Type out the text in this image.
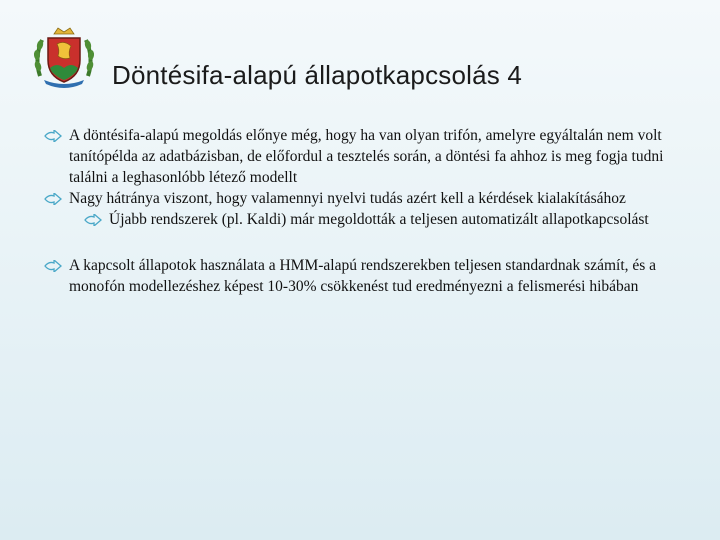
Döntésifa-alapú állapotkapcsolás 4

A döntésifa-alapú megoldás előnye még, hogy ha van olyan trifón, amelyre egyáltalán nem volt tanítópélda az adatbázisban, de előfordul a tesztelés során, a döntési fa ahhoz is meg fogja tudni találni a leghasonlóbb létező modellt

Nagy hátránya viszont, hogy valamennyi nyelvi tudás azért kell a kérdések kialakításához

Újabb rendszerek (pl. Kaldi) már megoldották a teljesen automatizált allapotkapcsolást

A kapcsolt állapotok használata a HMM-alapú rendszerekben teljesen standardnak számít, és a monofón modellezéshez képest 10-30% csökkenést tud eredményezni a felismerési hibában
